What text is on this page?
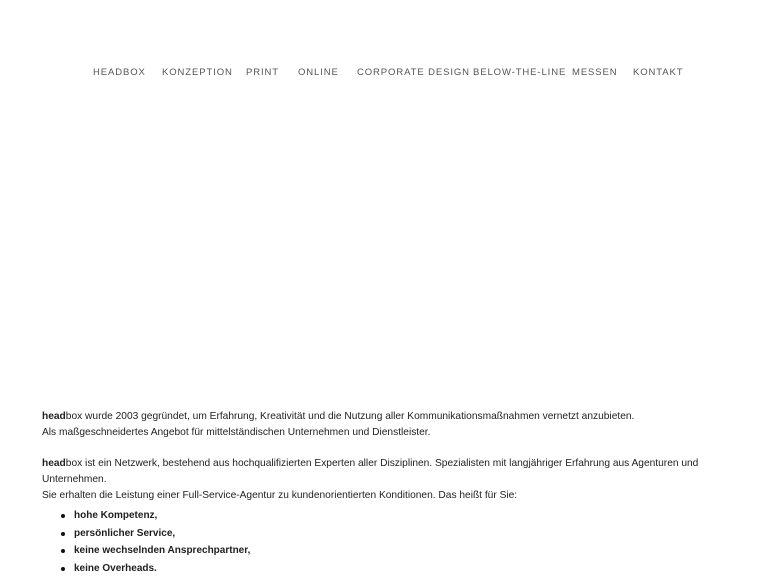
HEADBOX KONZEPTION PRINT ONLINE CORPORATE DESIGN BELOW-THE-LINE MESSEN KONTAKT

headbox wurde 2003 gegründet, um Erfahrung, Kreativität und die Nutzung aller Kommunikationsmaßnahmen vernetzt anzubieten.

Als maßgeschneidertes Angebot für mittelständischen Unternehmen und Dienstleister.

headbox ist ein Netzwerk, bestehend aus hochqualifizierten Experten aller Disziplinen. Spezialisten mit langjähriger Erfahrung aus Agenturen und Unternehmen.

Sie erhalten die Leistung einer Full-Service-Agentur zu kundenorientierten Konditionen. Das heißt für Sie:

hohe Kompetenz,
persönlicher Service,
keine wechselnden Ansprechpartner,
keine Overheads.
